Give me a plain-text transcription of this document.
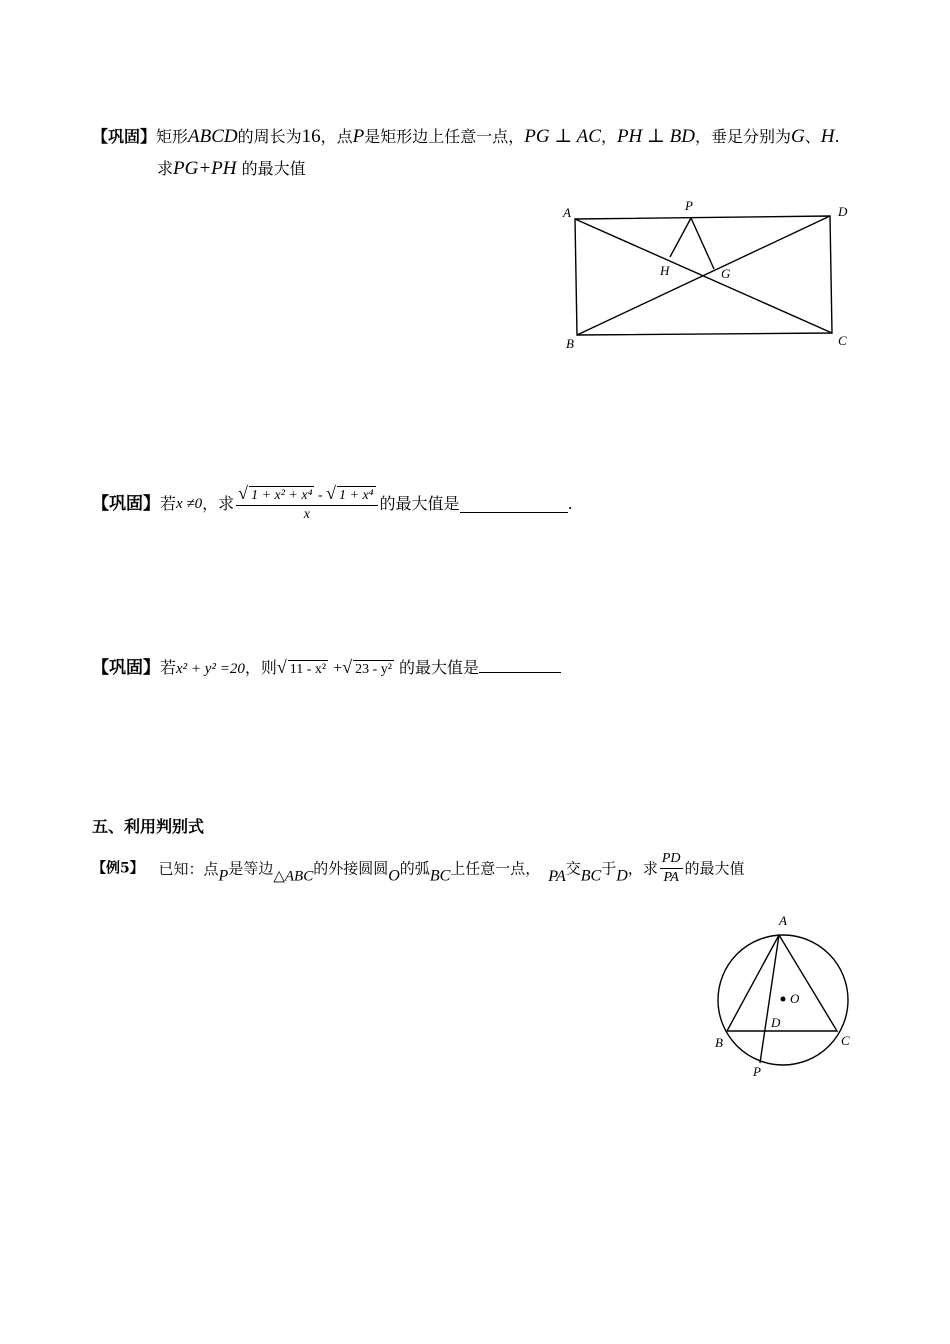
【巩固】矩形ABCD的周长为16，点P是矩形边上任意一点，PG ⊥ AC，PH ⊥ BD，垂足分别为G、H.
求PG+PH 的最大值
A	D
P
H	G
B	C
【巩固】若x ≠0，求 $\frac{\text{√ 1 + x² + x⁴ - √ 1 + x⁴}}{x}$ 的最大值是	.
【巩固】若x² + y² =20，则√ 11 - x² +√ 23 - y² 的最大值是
五、利用判别式
【例5】 已知：点P是等边△ABC的外接圆圆O的弧BC上任意一点， PA交BC于D，求 $\frac{PD}{PA}$ 的最大值
A
O
D
B	C
P
